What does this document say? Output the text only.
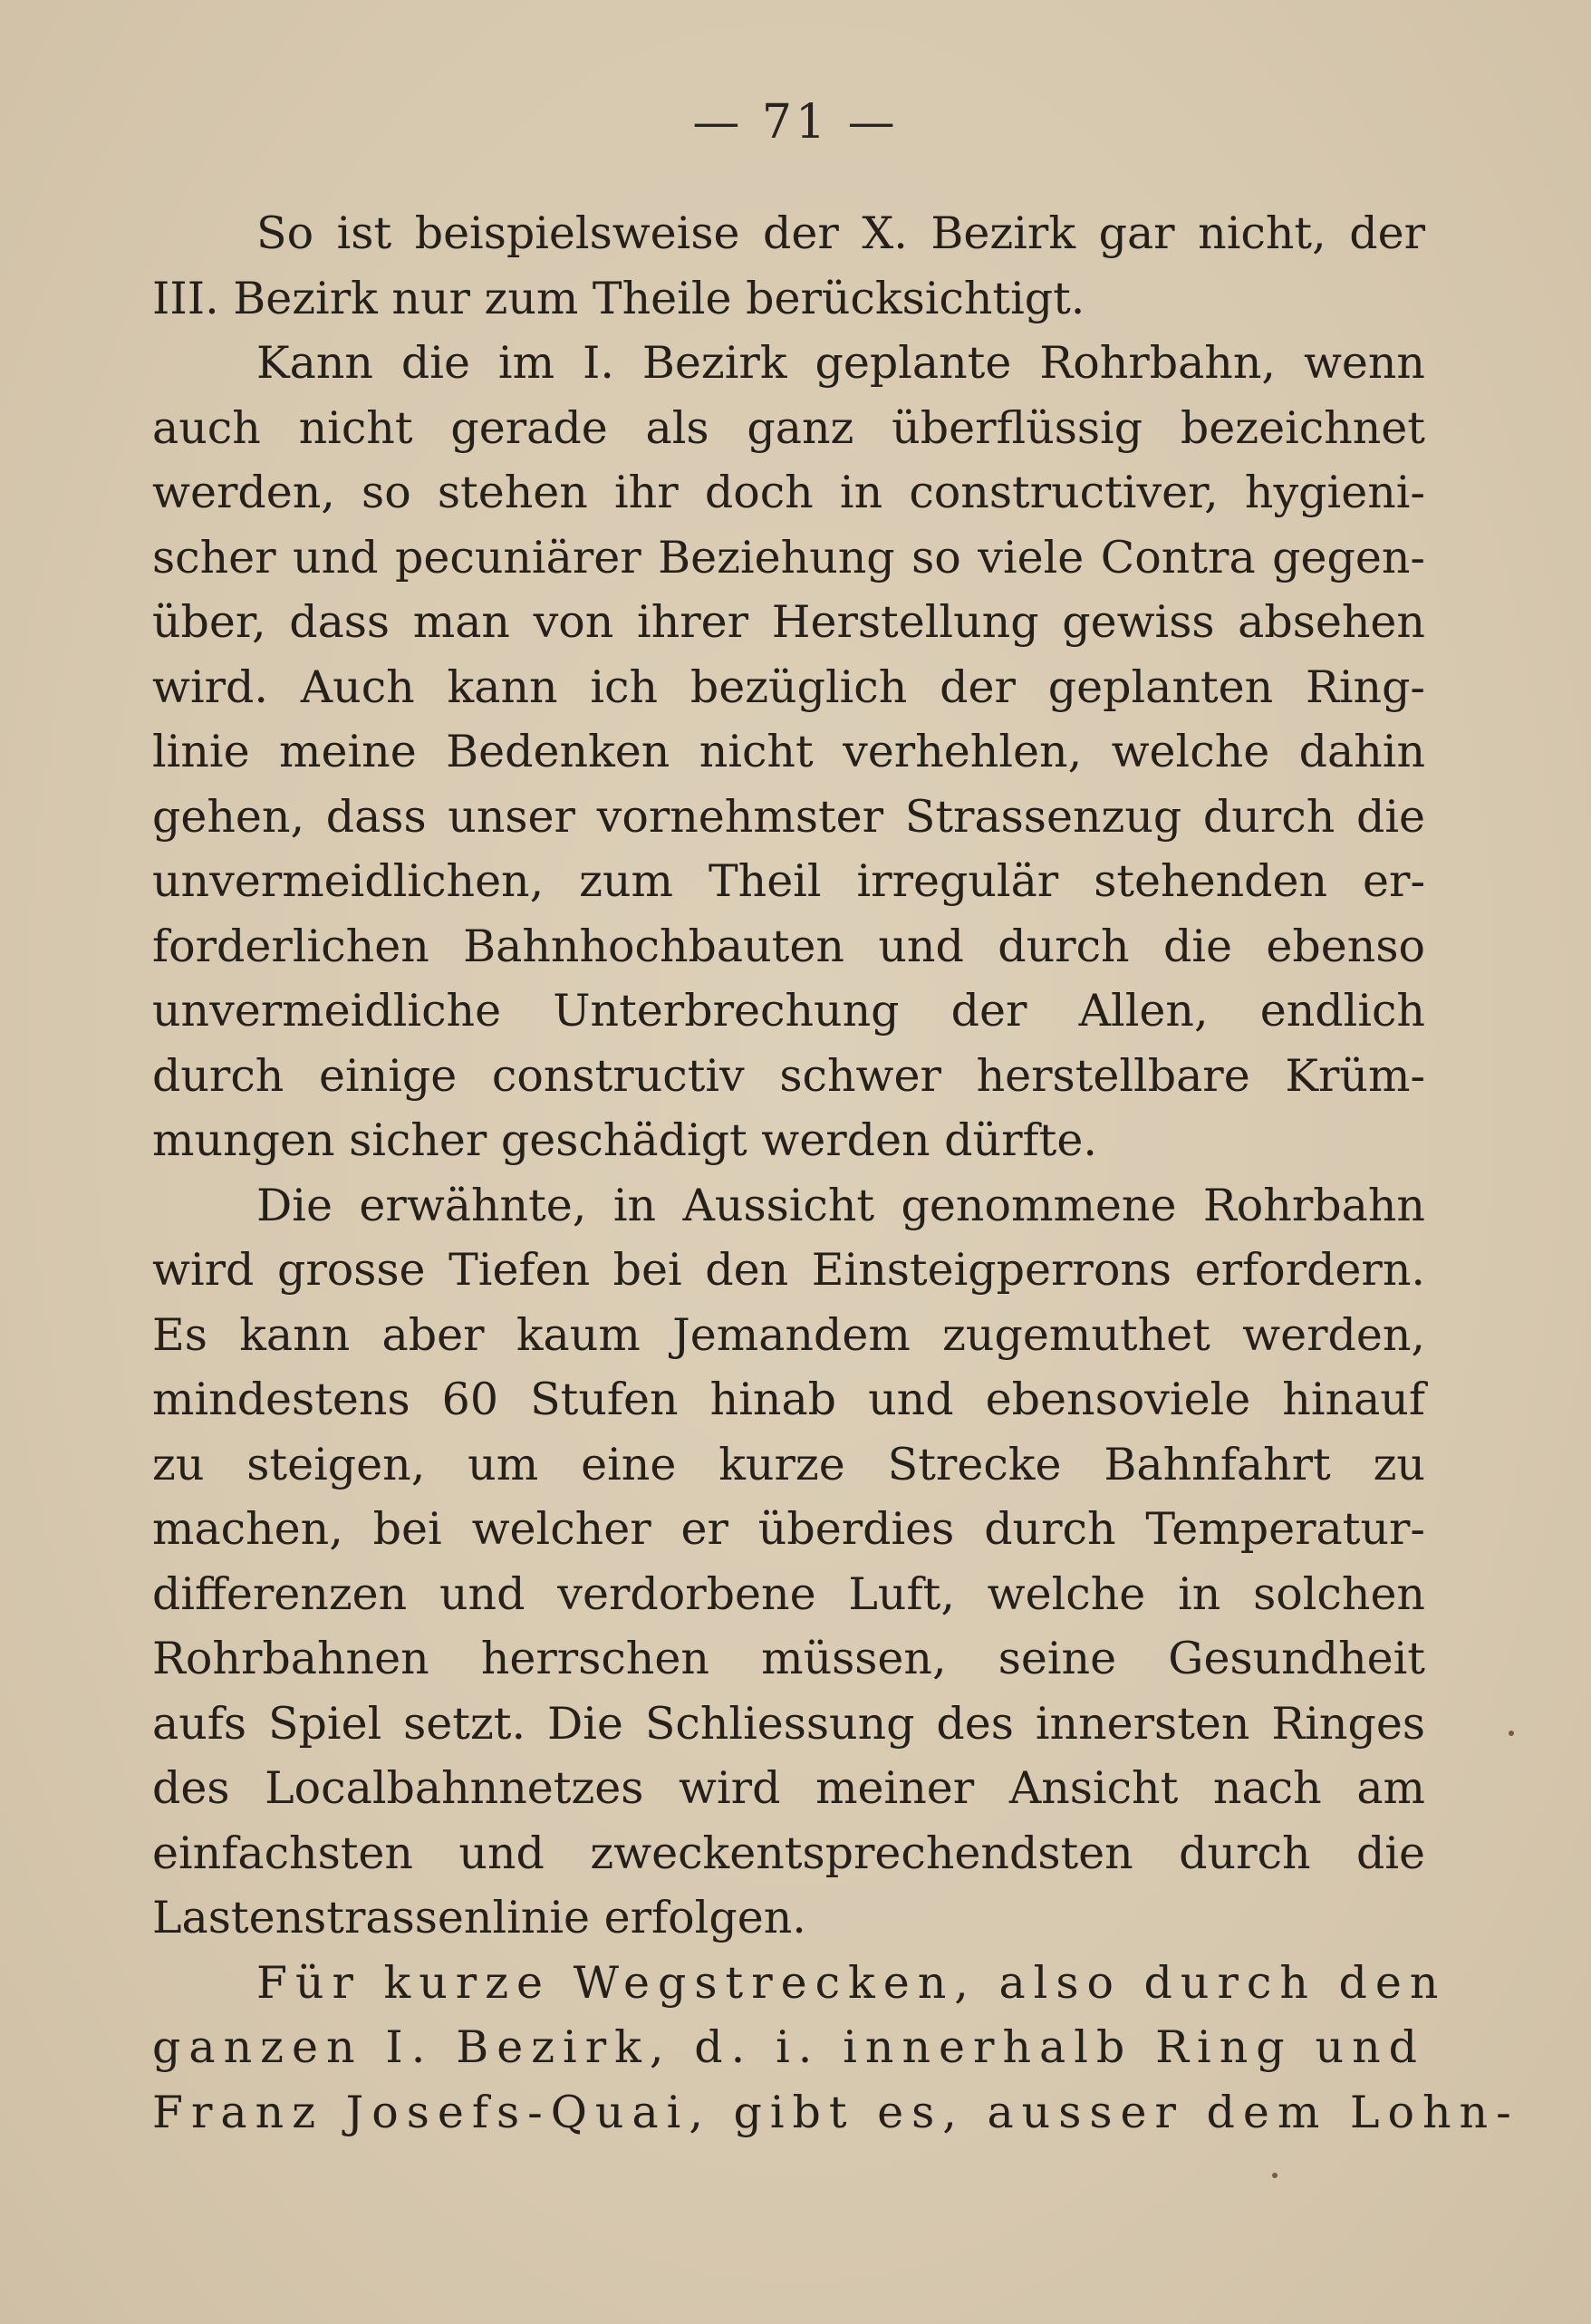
— 71 —
So ist beispielsweise der X. Bezirk gar nicht, der
III. Bezirk nur zum Theile berücksichtigt.
Kann die im I. Bezirk geplante Rohrbahn, wenn
auch nicht gerade als ganz überflüssig bezeichnet
werden, so stehen ihr doch in constructiver, hygieni-
scher und pecuniärer Beziehung so viele Contra gegen-
über, dass man von ihrer Herstellung gewiss absehen
wird. Auch kann ich bezüglich der geplanten Ring-
linie meine Bedenken nicht verhehlen, welche dahin
gehen, dass unser vornehmster Strassenzug durch die
unvermeidlichen, zum Theil irregulär stehenden er-
forderlichen Bahnhochbauten und durch die ebenso
unvermeidliche Unterbrechung der Allen, endlich
durch einige constructiv schwer herstellbare Krüm-
mungen sicher geschädigt werden dürfte.
Die erwähnte, in Aussicht genommene Rohrbahn
wird grosse Tiefen bei den Einsteigperrons erfordern.
Es kann aber kaum Jemandem zugemuthet werden,
mindestens 60 Stufen hinab und ebensoviele hinauf
zu steigen, um eine kurze Strecke Bahnfahrt zu
machen, bei welcher er überdies durch Temperatur-
differenzen und verdorbene Luft, welche in solchen
Rohrbahnen herrschen müssen, seine Gesundheit
aufs Spiel setzt. Die Schliessung des innersten Ringes
des Localbahnnetzes wird meiner Ansicht nach am
einfachsten und zweckentsprechendsten durch die
Lastenstrassenlinie erfolgen.
Für kurze Wegstrecken, also durch den
ganzen I. Bezirk, d. i. innerhalb Ring und
Franz Josefs-Quai, gibt es, ausser dem Lohn-
